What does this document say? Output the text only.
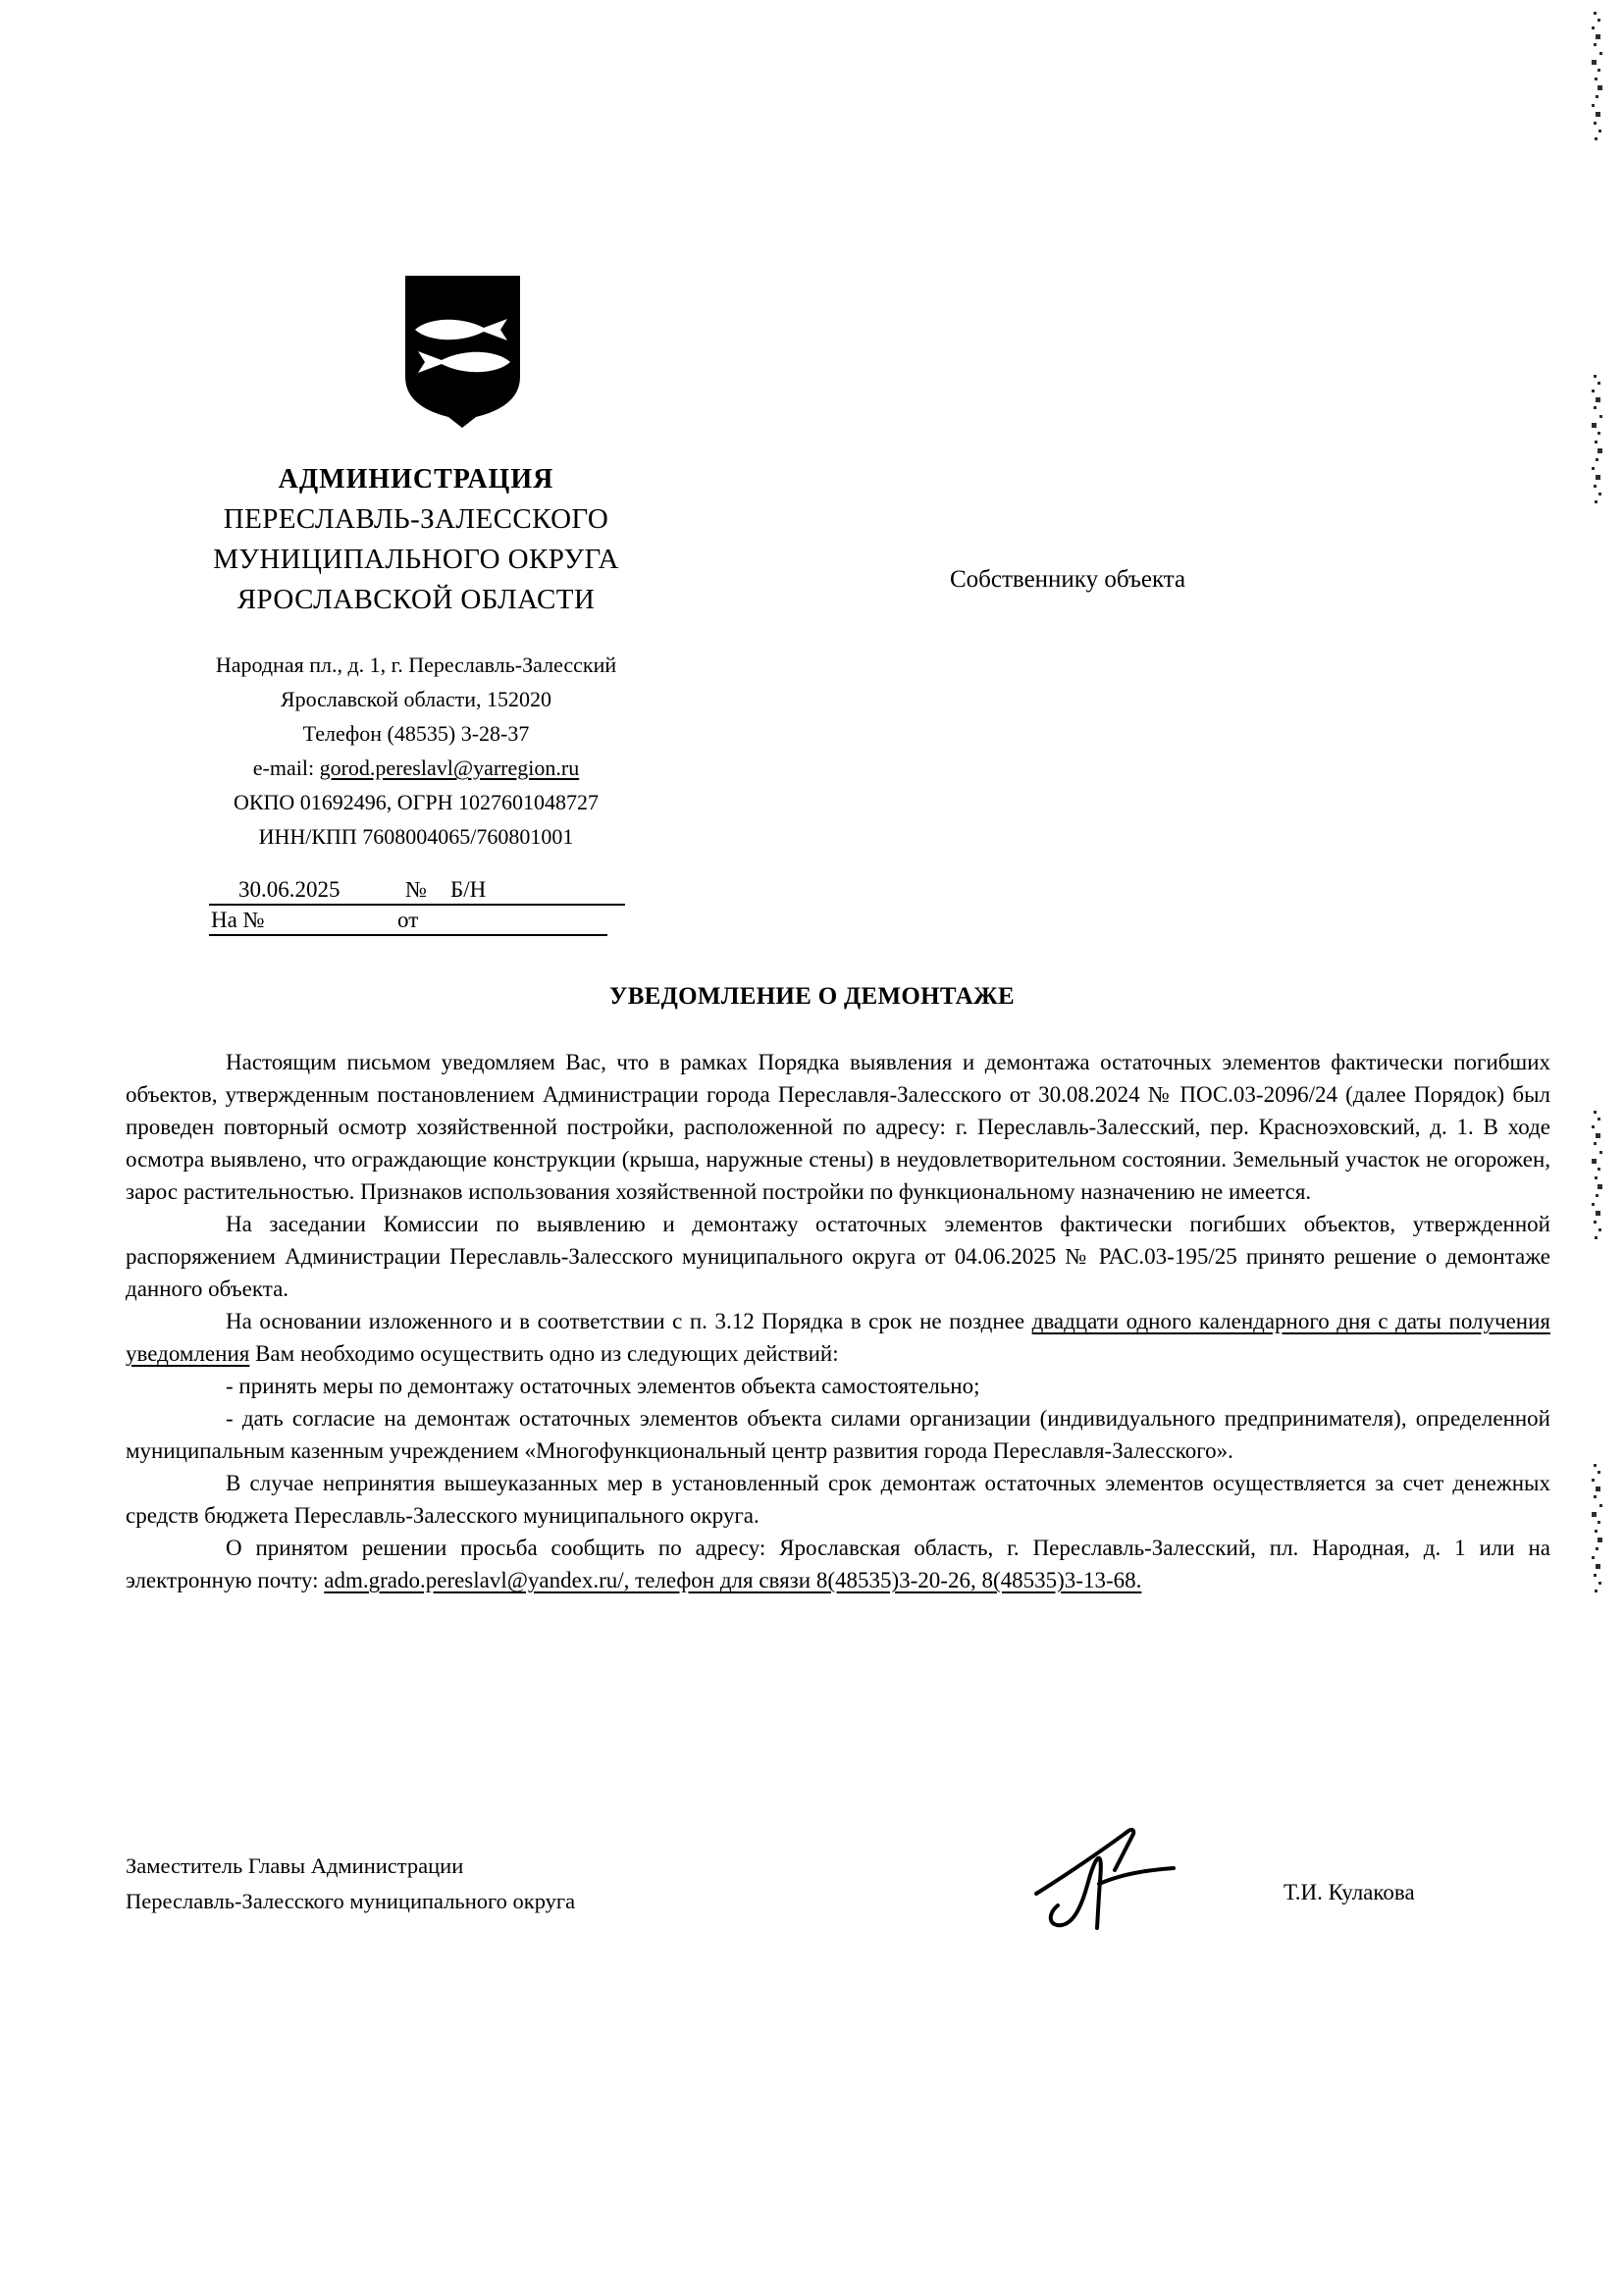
АДМИНИСТРАЦИЯ
ПЕРЕСЛАВЛЬ-ЗАЛЕССКОГО
МУНИЦИПАЛЬНОГО ОКРУГА
ЯРОСЛАВСКОЙ ОБЛАСТИ
Народная пл., д. 1, г. Переславль-Залесский
Ярославской области, 152020
Телефон (48535) 3-28-37
e-mail: gorod.pereslavl@yarregion.ru
ОКПО 01692496, ОГРН 1027601048727
ИНН/КПП 7608004065/760801001
Собственнику объекта
30.06.2025	№ Б/Н
На №	от
УВЕДОМЛЕНИЕ О ДЕМОНТАЖЕ

Настоящим письмом уведомляем Вас, что в рамках Порядка выявления и демонтажа остаточных элементов фактически погибших объектов, утвержденным постановлением Администрации города Переславля-Залесского от 30.08.2024 № ПОС.03-2096/24 (далее Порядок) был проведен повторный осмотр хозяйственной постройки, расположенной по адресу: г. Переславль-Залесский, пер. Красноэховский, д. 1. В ходе осмотра выявлено, что ограждающие конструкции (крыша, наружные стены) в неудовлетворительном состоянии. Земельный участок не огорожен, зарос растительностью. Признаков использования хозяйственной постройки по функциональному назначению не имеется.

На заседании Комиссии по выявлению и демонтажу остаточных элементов фактически погибших объектов, утвержденной распоряжением Администрации Переславль-Залесского муниципального округа от 04.06.2025 № РАС.03-195/25 принято решение о демонтаже данного объекта.

На основании изложенного и в соответствии с п. 3.12 Порядка в срок не позднее двадцати одного календарного дня с даты получения уведомления Вам необходимо осуществить одно из следующих действий:

- принять меры по демонтажу остаточных элементов объекта самостоятельно;

- дать согласие на демонтаж остаточных элементов объекта силами организации (индивидуального предпринимателя), определенной муниципальным казенным учреждением «Многофункциональный центр развития города Переславля-Залесского».

В случае непринятия вышеуказанных мер в установленный срок демонтаж остаточных элементов осуществляется за счет денежных средств бюджета Переславль-Залесского муниципального округа.

О принятом решении просьба сообщить по адресу: Ярославская область, г. Переславль-Залесский, пл. Народная, д. 1 или на электронную почту: adm.grado.pereslavl@yandex.ru/, телефон для связи 8(48535)3-20-26, 8(48535)3-13-68.

Заместитель Главы Администрации
Переславль-Залесского муниципального округа	Т.И. Кулакова
